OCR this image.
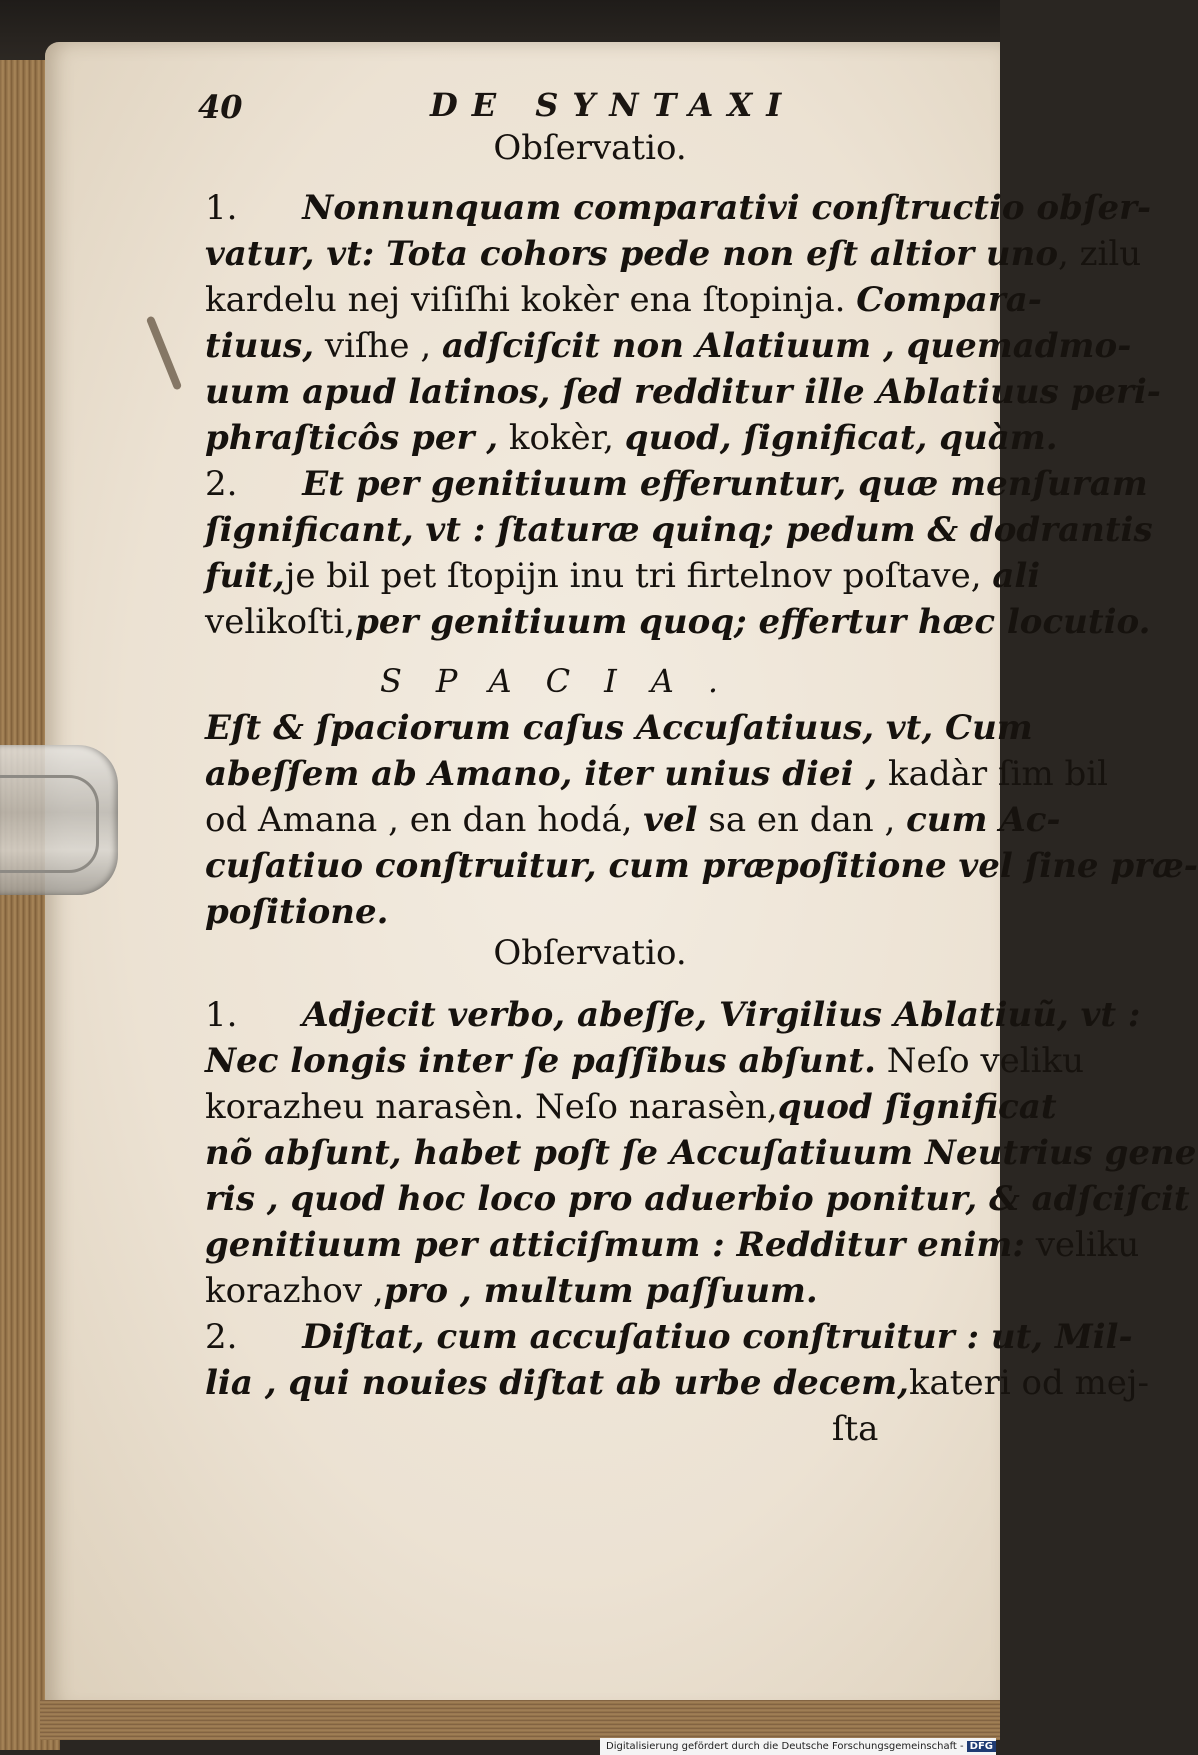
40	DE SYNTAXI
Obſervatio.
1.      Nonnunquam comparativi conſtructio obſer-
vatur, vt: Tota cohors pede non eſt altior uno, zilu
kardelu nej viſiſhi kokèr ena ſtopinja. Compara-
tiuus, viſhe , adſciſcit non Alatiuum , quemadmo-
uum apud latinos, ſed redditur ille Ablatiuus peri-
phraſticôs per , kokèr, quod, ſignificat, quàm.
2.      Et per genitiuum efferuntur, quæ menſuram
ſignificant, vt : ſtaturæ quinq; pedum & dodrantis
fuit,je bil pet ſtopijn inu tri firtelnov poſtave, ali
velikoſti,per genitiuum quoq; effertur hæc locutio.
SPACIA.
Eſt & ſpaciorum caſus Accuſatiuus, vt, Cum
abeſſem ab Amano, iter unius diei , kadàr ſim bil
od Amana , en dan hodá, vel sa en dan , cum Ac-
cuſatiuo conſtruitur, cum præpoſitione vel ſine præ-
poſitione.
Obſervatio.
1.      Adjecit verbo, abeſſe, Virgilius Ablatiuũ, vt :
Nec longis inter ſe paſſibus abſunt. Neſo veliku
korazheu narasèn. Neſo narasèn,quod ſignificat
nõ abſunt, habet poſt ſe Accuſatiuum Neutrius gene
ris , quod hoc loco pro aduerbio ponitur, & adſciſcit
genitiuum per atticiſmum : Redditur enim: veliku
korazhov ,pro , multum paſſuum.
2.      Diſtat, cum accuſatiuo conſtruitur : ut, Mil-
lia , qui nouies diſtat ab urbe decem,kateri od mej-
ſta
Digitalisierung gefördert durch die Deutsche Forschungsgemeinschaft - DFG
